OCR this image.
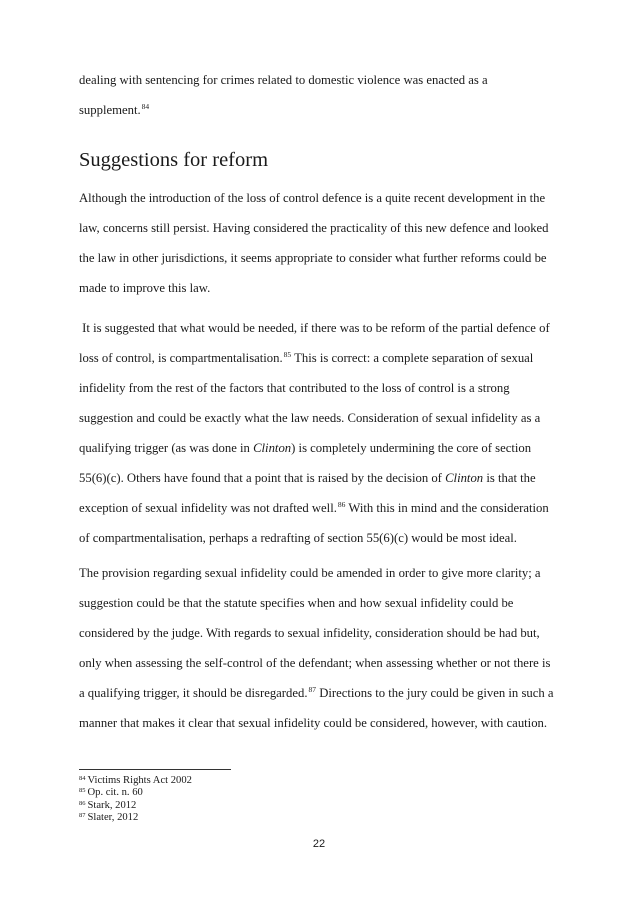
dealing with sentencing for crimes related to domestic violence was enacted as a
supplement.$^{84}$
Suggestions for reform
Although the introduction of the loss of control defence is a quite recent development in the
law, concerns still persist. Having considered the practicality of this new defence and looked
the law in other jurisdictions, it seems appropriate to consider what further reforms could be
made to improve this law.
It is suggested that what would be needed, if there was to be reform of the partial defence of
loss of control, is compartmentalisation.$^{85}$ This is correct: a complete separation of sexual
infidelity from the rest of the factors that contributed to the loss of control is a strong
suggestion and could be exactly what the law needs. Consideration of sexual infidelity as a
qualifying trigger (as was done in Clinton) is completely undermining the core of section
55(6)(c). Others have found that a point that is raised by the decision of Clinton is that the
exception of sexual infidelity was not drafted well.$^{86}$ With this in mind and the consideration
of compartmentalisation, perhaps a redrafting of section 55(6)(c) would be most ideal.
The provision regarding sexual infidelity could be amended in order to give more clarity; a
suggestion could be that the statute specifies when and how sexual infidelity could be
considered by the judge. With regards to sexual infidelity, consideration should be had but,
only when assessing the self-control of the defendant; when assessing whether or not there is
a qualifying trigger, it should be disregarded.$^{87}$ Directions to the jury could be given in such a
manner that makes it clear that sexual infidelity could be considered, however, with caution.
$^{84}$ Victims Rights Act 2002
$^{85}$ Op. cit. n. 60
$^{86}$ Stark, 2012
$^{87}$ Slater, 2012
22
